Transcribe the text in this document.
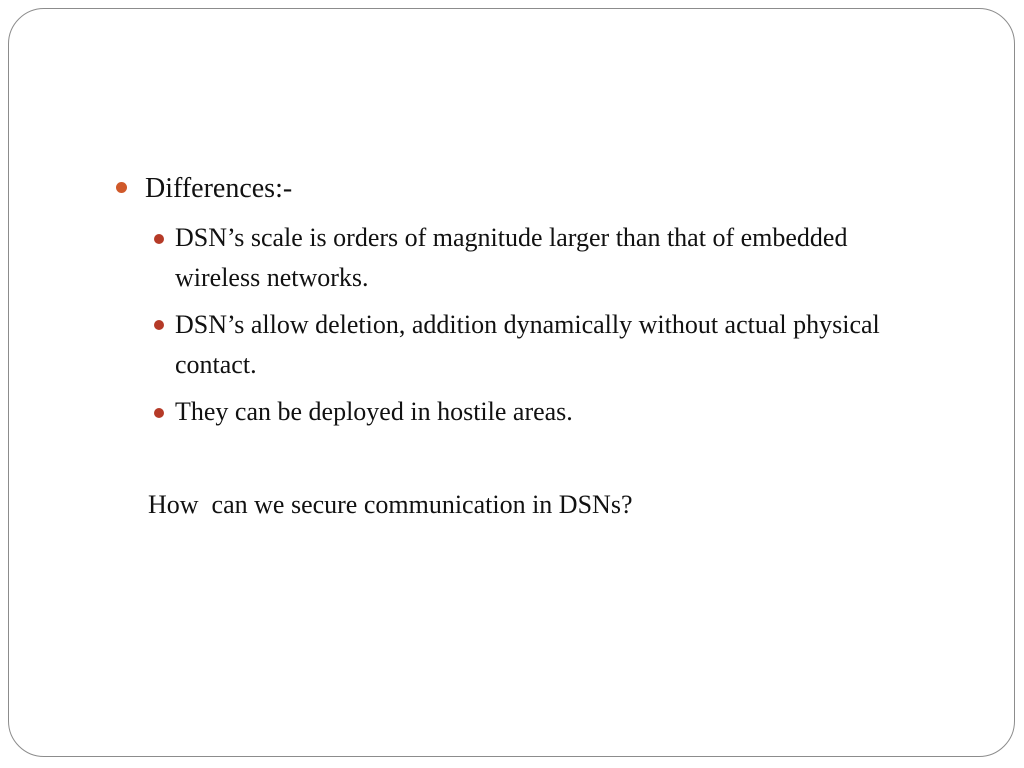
Differences:-
DSN’s scale is orders of magnitude larger than that of embedded wireless networks.
DSN’s allow deletion, addition dynamically without actual physical contact.
They can be deployed in hostile areas.
How  can we secure communication in DSNs?
